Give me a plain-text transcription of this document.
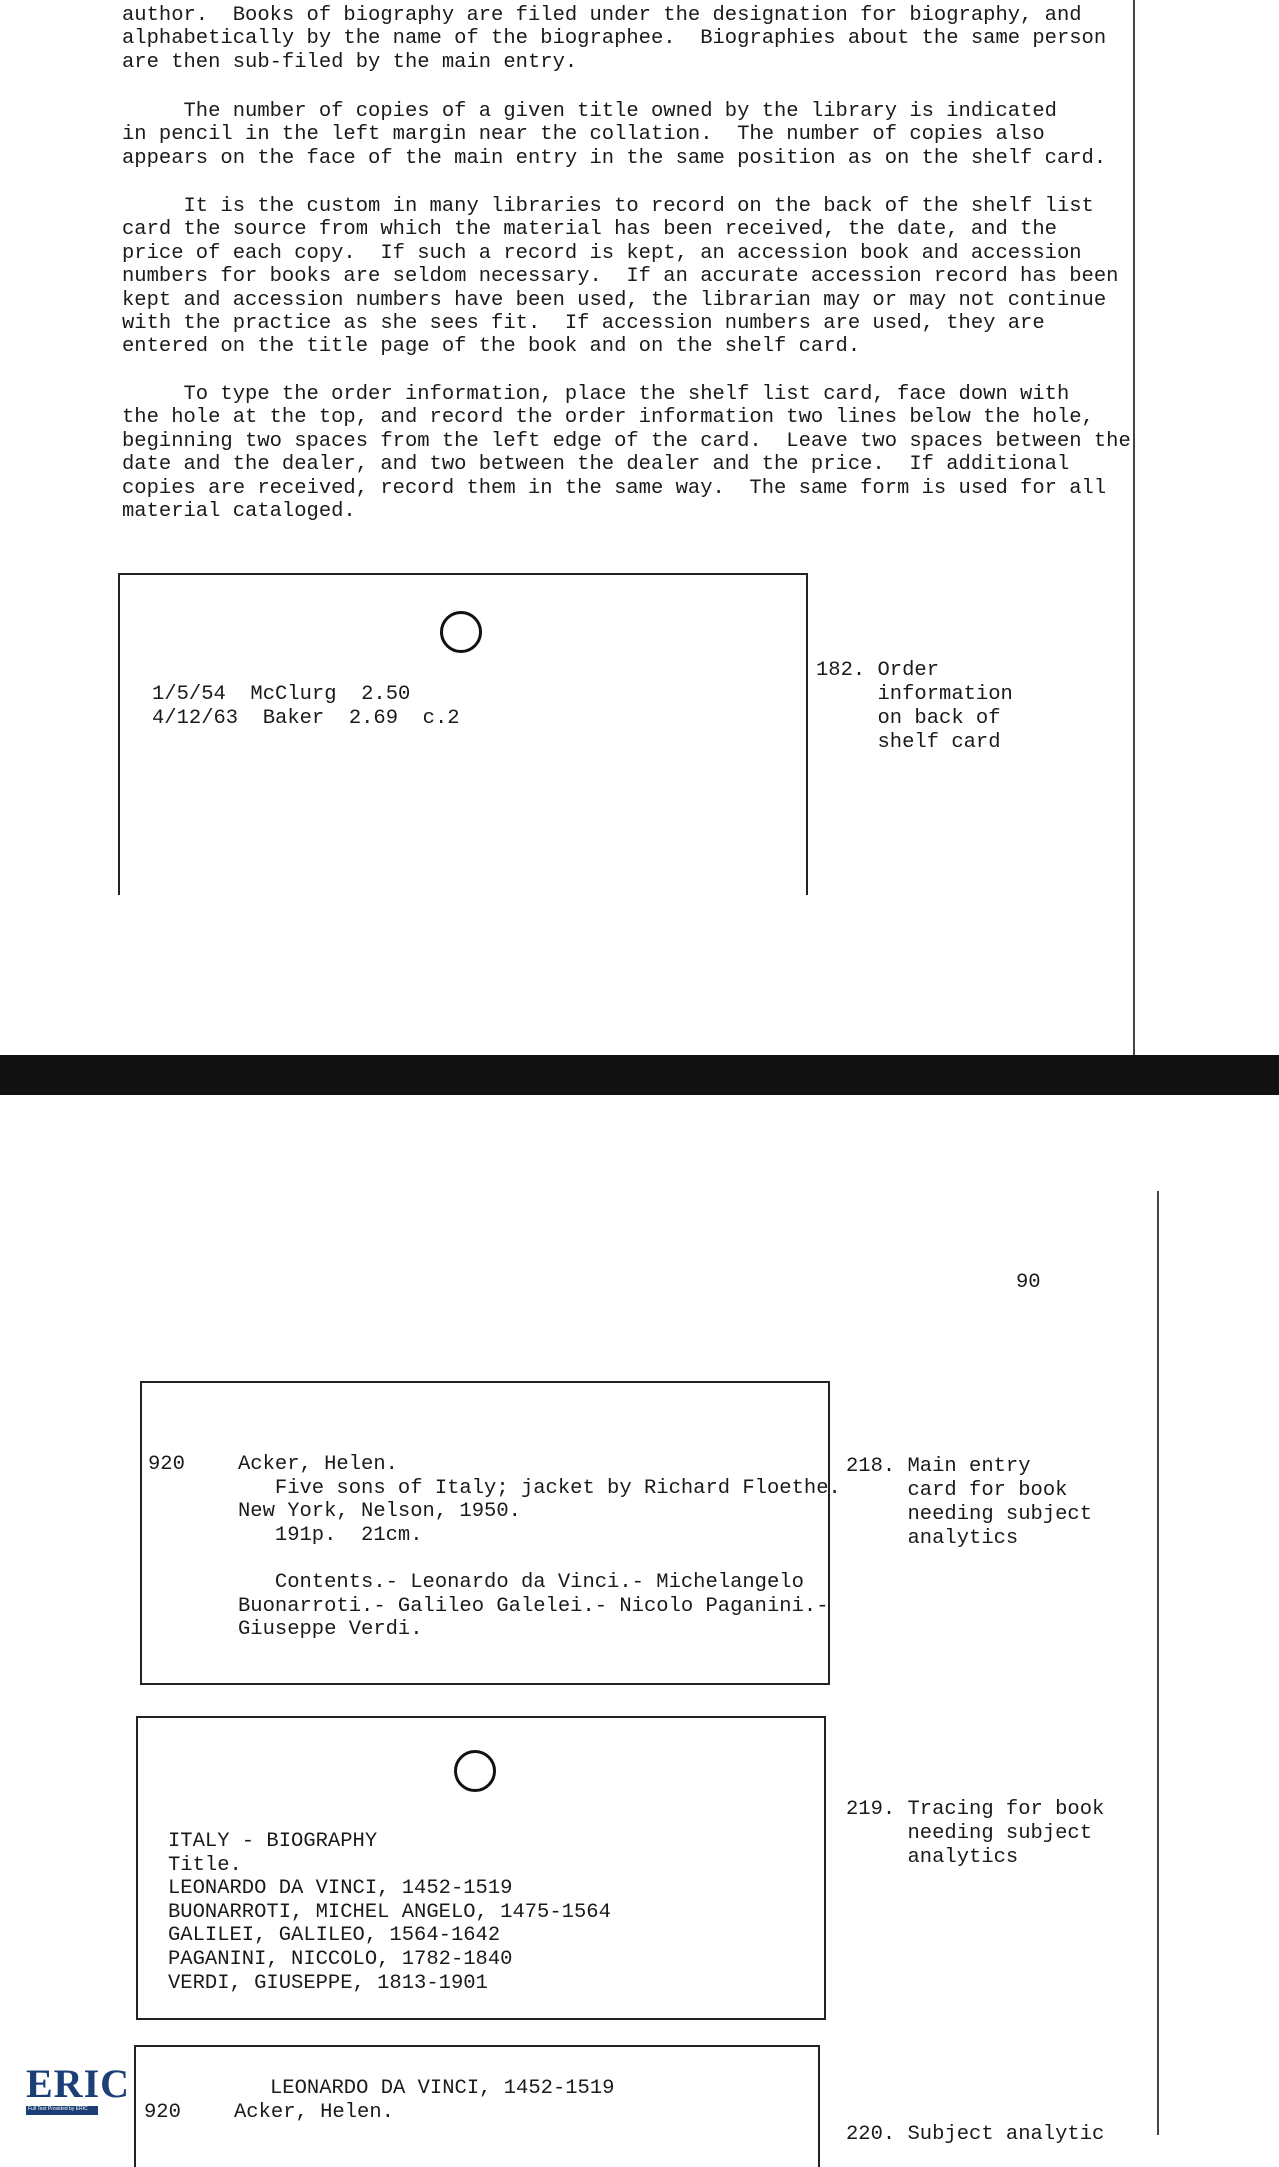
author.  Books of biography are filed under the designation for biography, and
alphabetically by the name of the biographee.  Biographies about the same person
are then sub-filed by the main entry.

The number of copies of a given title owned by the library is indicated
in pencil in the left margin near the collation.  The number of copies also
appears on the face of the main entry in the same position as on the shelf card.

It is the custom in many libraries to record on the back of the shelf list
card the source from which the material has been received, the date, and the
price of each copy.  If such a record is kept, an accession book and accession
numbers for books are seldom necessary.  If an accurate accession record has been
kept and accession numbers have been used, the librarian may or may not continue
with the practice as she sees fit.  If accession numbers are used, they are
entered on the title page of the book and on the shelf card.

To type the order information, place the shelf list card, face down with
the hole at the top, and record the order information two lines below the hole,
beginning two spaces from the left edge of the card.  Leave two spaces between the
date and the dealer, and two between the dealer and the price.  If additional
copies are received, record them in the same way.  The same form is used for all
material cataloged.

1/5/54  McClurg  2.50
4/12/63  Baker  2.69  c.2

182. Order
information
on back of
shelf card

90

920	Acker, Helen.
Five sons of Italy; jacket by Richard Floethe.
New York, Nelson, 1950.
191p.  21cm.

Contents.- Leonardo da Vinci.- Michelangelo
Buonarroti.- Galileo Galelei.- Nicolo Paganini.-
Giuseppe Verdi.

218. Main entry
card for book
needing subject
analytics

ITALY - BIOGRAPHY
Title.
LEONARDO DA VINCI, 1452-1519
BUONARROTI, MICHEL ANGELO, 1475-1564
GALILEI, GALILEO, 1564-1642
PAGANINI, NICCOLO, 1782-1840
VERDI, GIUSEPPE, 1813-1901

219. Tracing for book
needing subject
analytics

LEONARDO DA VINCI, 1452-1519

920	Acker, Helen.

220. Subject analytic

ERIC
Full Text Provided by ERIC
